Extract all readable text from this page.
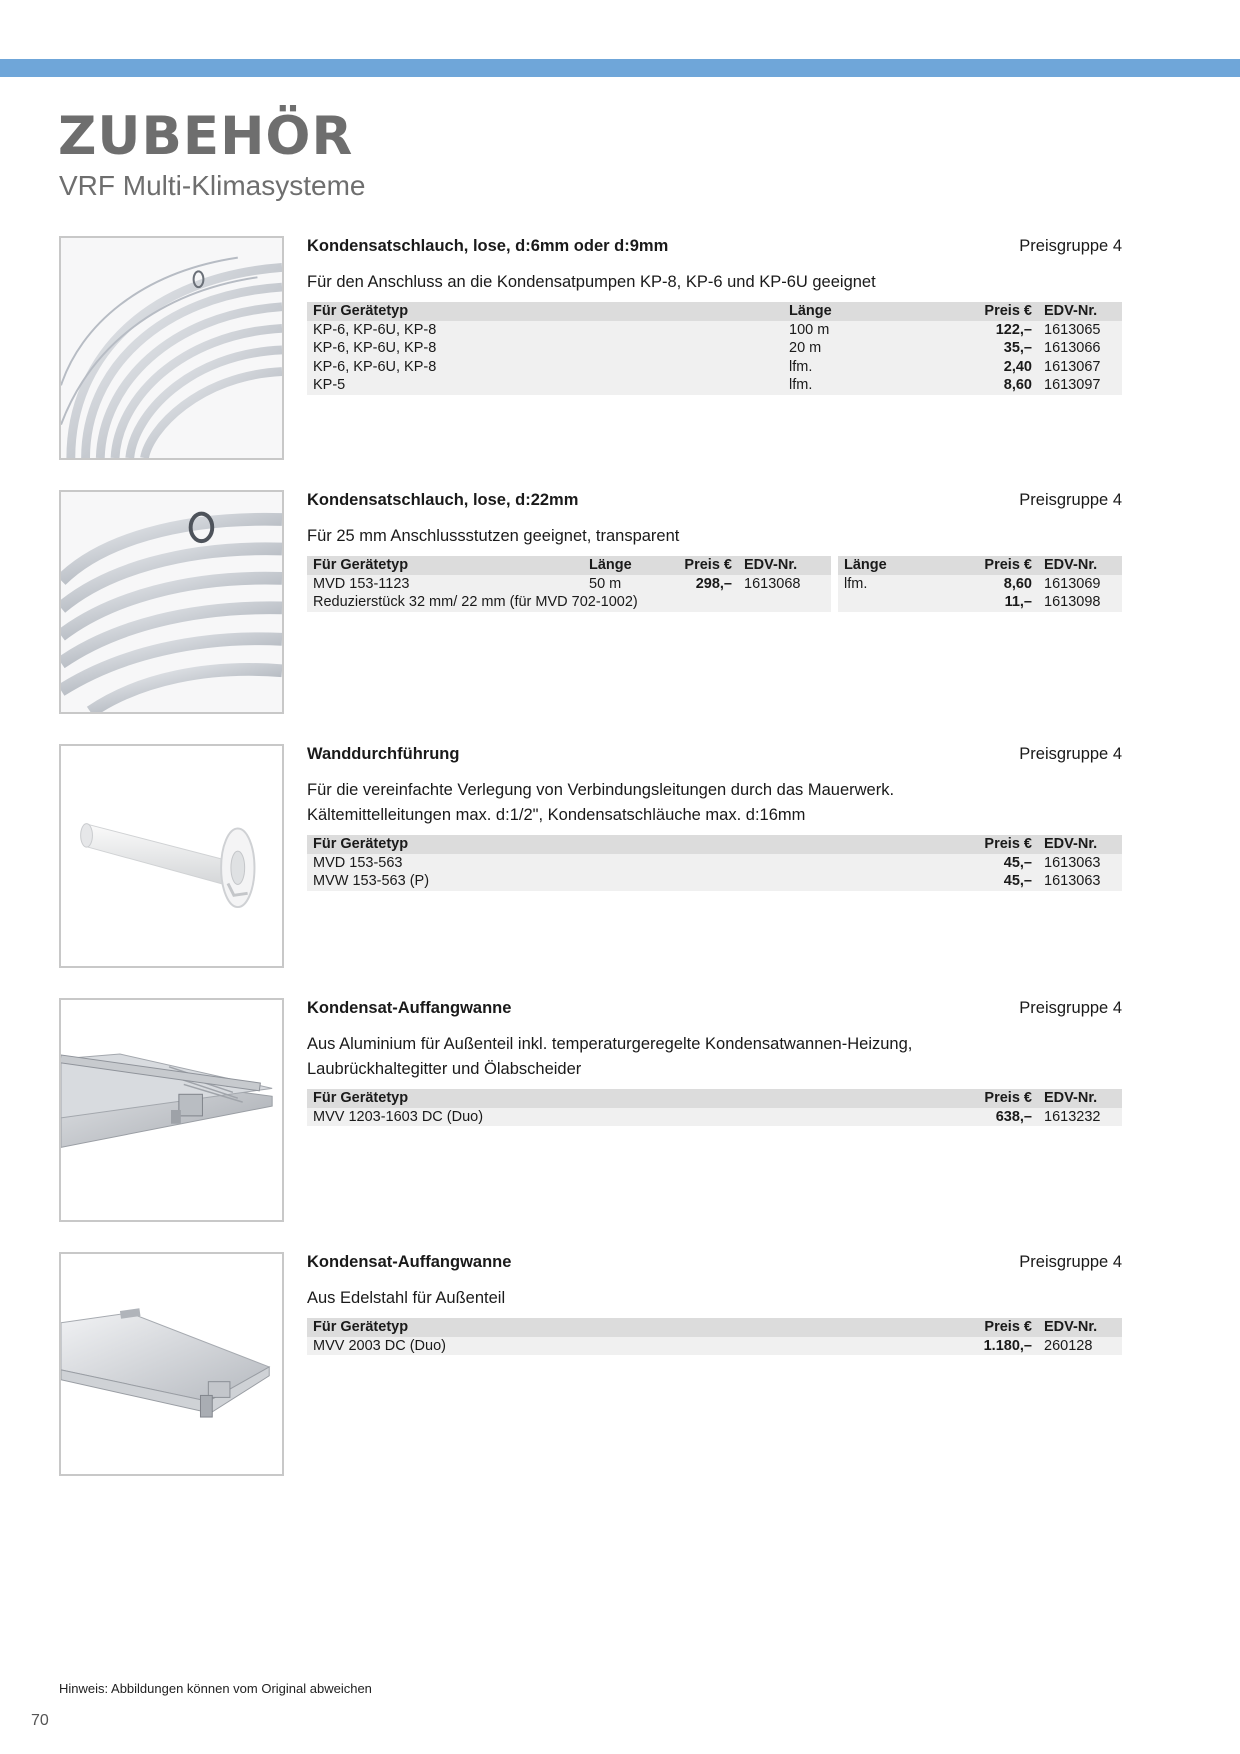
ZUBEHÖR
VRF Multi-Klimasysteme
Kondensatschlauch, lose, d:6mm oder d:9mm	Preisgruppe 4
Für den Anschluss an die Kondensatpumpen KP-8, KP-6 und KP-6U geeignet
Für Gerätetyp	Länge	Preis €	EDV-Nr.
KP-6, KP-6U, KP-8	100 m	122,–	1613065
KP-6, KP-6U, KP-8	20 m	35,–	1613066
KP-6, KP-6U, KP-8	lfm.	2,40	1613067
KP-5	lfm.	8,60	1613097
Kondensatschlauch, lose, d:22mm	Preisgruppe 4
Für 25 mm Anschlussstutzen geeignet, transparent
Für Gerätetyp	Länge	Preis €	EDV-Nr.		Länge	Preis €	EDV-Nr.
MVD 153-1123	50 m	298,–	1613068		lfm.	8,60	1613069
Reduzierstück 32 mm/ 22 mm (für MVD 702-1002)						11,–	1613098
Wanddurchführung	Preisgruppe 4
Für die vereinfachte Verlegung von Verbindungsleitungen durch das Mauerwerk.
Kältemittelleitungen max. d:1/2", Kondensatschläuche max. d:16mm
Für Gerätetyp	Preis €	EDV-Nr.
MVD 153-563	45,–	1613063
MVW 153-563 (P)	45,–	1613063
Kondensat-Auffangwanne	Preisgruppe 4
Aus Aluminium für Außenteil inkl. temperaturgeregelte Kondensatwannen-Heizung,
Laubrückhaltegitter und Ölabscheider
Für Gerätetyp	Preis €	EDV-Nr.
MVV 1203-1603 DC (Duo)	638,–	1613232
Kondensat-Auffangwanne	Preisgruppe 4
Aus Edelstahl für Außenteil
Für Gerätetyp	Preis €	EDV-Nr.
MVV 2003 DC (Duo)	1.180,–	260128
Hinweis: Abbildungen können vom Original abweichen
70
